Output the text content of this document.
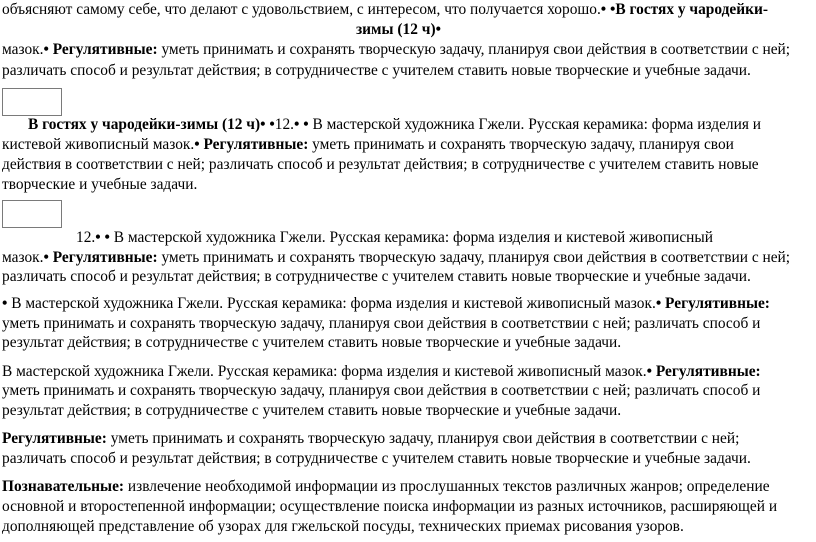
объясняют самому себе, что делают с удовольствием, с интересом, что получается хорошо.• •В гостях у чародейки-
зимы (12 ч)•
мазок.• Регулятивные: уметь принимать и сохранять творческую задачу, планируя свои действия в соответствии с ней;
различать способ и результат действия; в сотрудничестве с учителем ставить новые творческие и учебные задачи.
В гостях у чародейки-зимы (12 ч)• •12.• • В мастерской художника Гжели. Русская керамика: форма изделия и
кистевой живописный мазок.• Регулятивные: уметь принимать и сохранять творческую задачу, планируя свои
действия в соответствии с ней; различать способ и результат действия; в сотрудничестве с учителем ставить новые
творческие и учебные задачи.
12.• • В мастерской художника Гжели. Русская керамика: форма изделия и кистевой живописный
мазок.• Регулятивные: уметь принимать и сохранять творческую задачу, планируя свои действия в соответствии с ней;
различать способ и результат действия; в сотрудничестве с учителем ставить новые творческие и учебные задачи.
• В мастерской художника Гжели. Русская керамика: форма изделия и кистевой живописный мазок.• Регулятивные:
уметь принимать и сохранять творческую задачу, планируя свои действия в соответствии с ней; различать способ и
результат действия; в сотрудничестве с учителем ставить новые творческие и учебные задачи.
В мастерской художника Гжели. Русская керамика: форма изделия и кистевой живописный мазок.• Регулятивные:
уметь принимать и сохранять творческую задачу, планируя свои действия в соответствии с ней; различать способ и
результат действия; в сотрудничестве с учителем ставить новые творческие и учебные задачи.
Регулятивные: уметь принимать и сохранять творческую задачу, планируя свои действия в соответствии с ней;
различать способ и результат действия; в сотрудничестве с учителем ставить новые творческие и учебные задачи.
Познавательные: извлечение необходимой информации из прослушанных текстов различных жанров; определение
основной и второстепенной информации; осуществление поиска информации из разных источников, расширяющей и
дополняющей представление об узорах для гжельской посуды, технических приемах рисования узоров.
